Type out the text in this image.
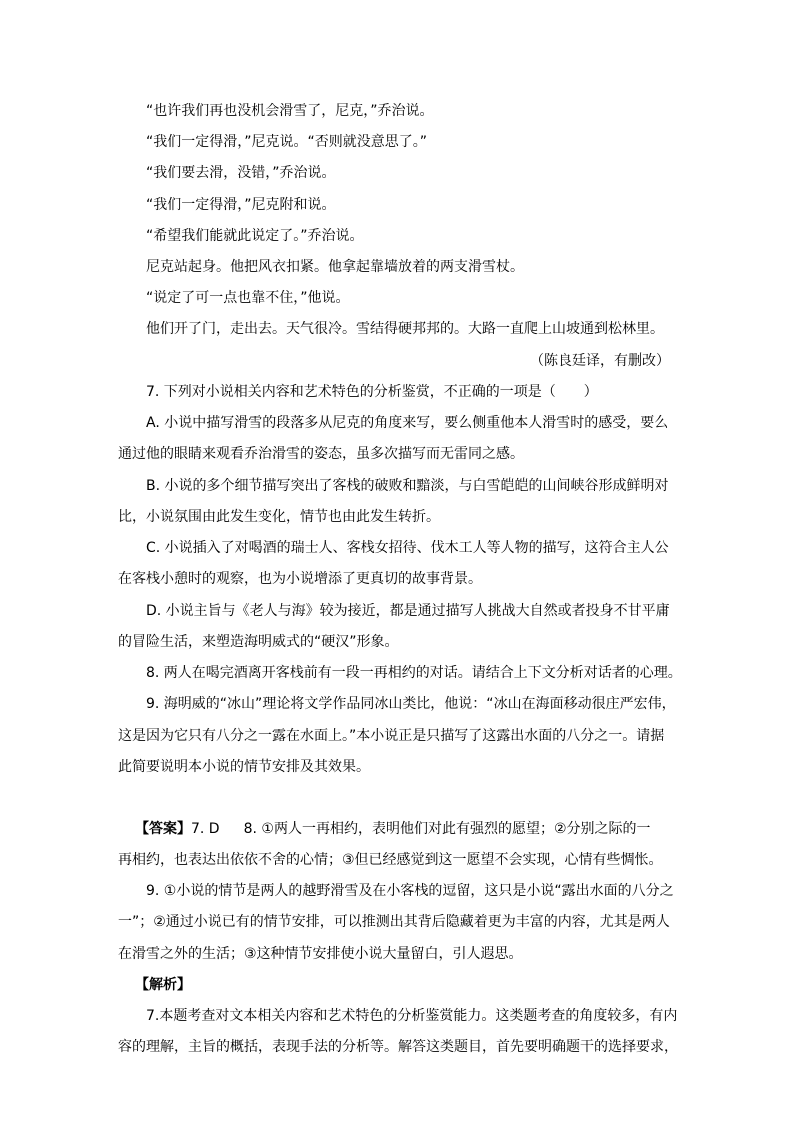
“也许我们再也没机会滑雪了，尼克，”乔治说。
“我们一定得滑，”尼克说。“否则就没意思了。”
“我们要去滑，没错，”乔治说。
“我们一定得滑，”尼克附和说。
“希望我们能就此说定了。”乔治说。
尼克站起身。他把风衣扣紧。他拿起靠墙放着的两支滑雪杖。
“说定了可一点也靠不住，”他说。
他们开了门，走出去。天气很冷。雪结得硬邦邦的。大路一直爬上山坡通到松林里。
（陈良廷译，有删改）
7. 下列对小说相关内容和艺术特色的分析鉴赏，不正确的一项是（　　）
A. 小说中描写滑雪的段落多从尼克的角度来写，要么侧重他本人滑雪时的感受，要么
通过他的眼睛来观看乔治滑雪的姿态，虽多次描写而无雷同之感。
B. 小说的多个细节描写突出了客栈的破败和黯淡，与白雪皑皑的山间峡谷形成鲜明对
比，小说氛围由此发生变化，情节也由此发生转折。
C. 小说插入了对喝酒的瑞士人、客栈女招待、伐木工人等人物的描写，这符合主人公
在客栈小憩时的观察，也为小说增添了更真切的故事背景。
D. 小说主旨与《老人与海》较为接近，都是通过描写人挑战大自然或者投身不甘平庸
的冒险生活，来塑造海明威式的“硬汉”形象。
8. 两人在喝完酒离开客栈前有一段一再相约的对话。请结合上下文分析对话者的心理。
9. 海明威的“冰山”理论将文学作品同冰山类比，他说：“冰山在海面移动很庄严宏伟，
这是因为它只有八分之一露在水面上。”本小说正是只描写了这露出水面的八分之一。请据
此简要说明本小说的情节安排及其效果。
【答案】7. D 8. ①两人一再相约，表明他们对此有强烈的愿望；②分别之际的一
再相约，也表达出依依不舍的心情；③但已经感觉到这一愿望不会实现，心情有些惆怅。
9. ①小说的情节是两人的越野滑雪及在小客栈的逗留，这只是小说“露出水面的八分之
一”；②通过小说已有的情节安排，可以推测出其背后隐藏着更为丰富的内容，尤其是两人
在滑雪之外的生活；③这种情节安排使小说大量留白，引人遐思。
【解析】
7.本题考查对文本相关内容和艺术特色的分析鉴赏能力。这类题考查的角度较多，有内
容的理解，主旨的概括，表现手法的分析等。解答这类题目，首先要明确题干的选择要求，
